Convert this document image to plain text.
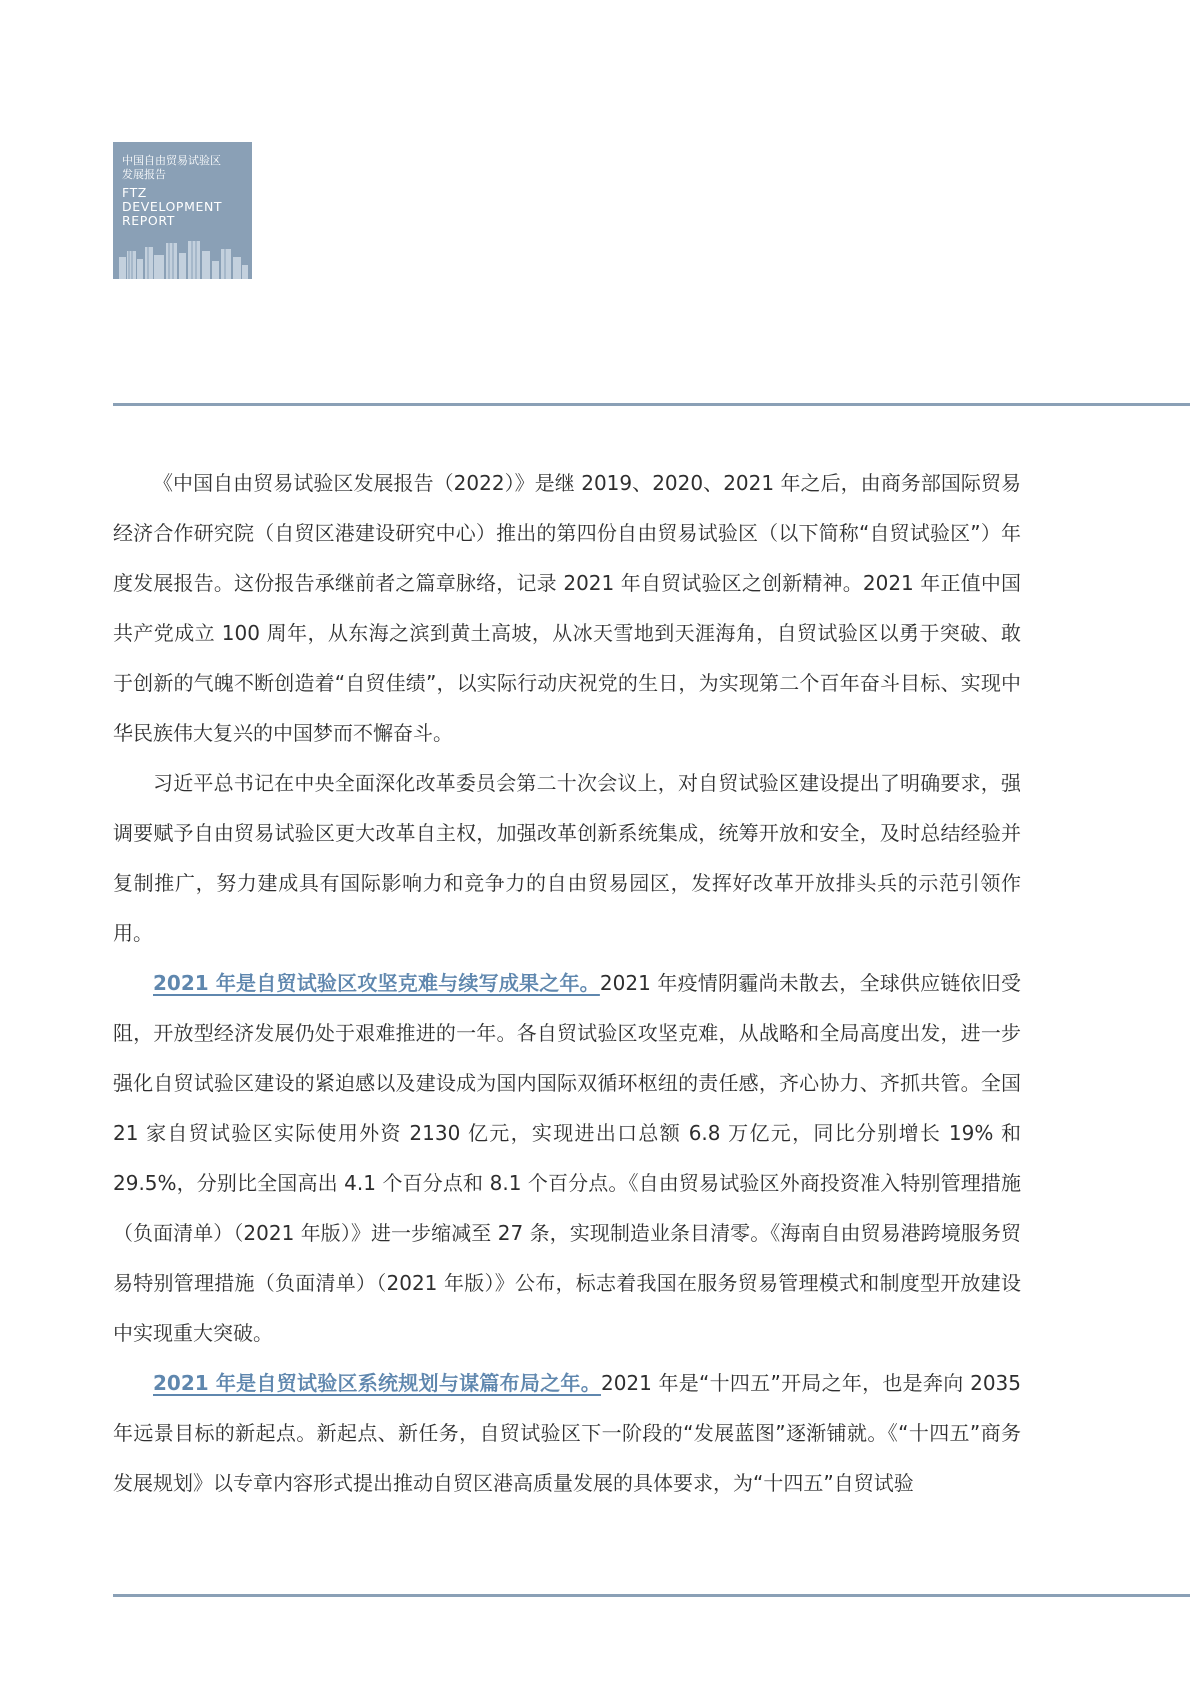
中国自由贸易试验区
发展报告
FTZ
DEVELOPMENT
REPORT

《中国自由贸易试验区发展报告（2022）》是继 2019、2020、2021 年之后，由商务部国际贸易经济合作研究院（自贸区港建设研究中心）推出的第四份自由贸易试验区（以下简称“自贸试验区”）年度发展报告。这份报告承继前者之篇章脉络，记录 2021 年自贸试验区之创新精神。2021 年正值中国共产党成立 100 周年，从东海之滨到黄土高坡，从冰天雪地到天涯海角，自贸试验区以勇于突破、敢于创新的气魄不断创造着“自贸佳绩”，以实际行动庆祝党的生日，为实现第二个百年奋斗目标、实现中华民族伟大复兴的中国梦而不懈奋斗。

习近平总书记在中央全面深化改革委员会第二十次会议上，对自贸试验区建设提出了明确要求，强调要赋予自由贸易试验区更大改革自主权，加强改革创新系统集成，统筹开放和安全，及时总结经验并复制推广，努力建成具有国际影响力和竞争力的自由贸易园区，发挥好改革开放排头兵的示范引领作用。

2021 年是自贸试验区攻坚克难与续写成果之年。2021 年疫情阴霾尚未散去，全球供应链依旧受阻，开放型经济发展仍处于艰难推进的一年。各自贸试验区攻坚克难，从战略和全局高度出发，进一步强化自贸试验区建设的紧迫感以及建设成为国内国际双循环枢纽的责任感，齐心协力、齐抓共管。全国 21 家自贸试验区实际使用外资 2130 亿元，实现进出口总额 6.8 万亿元，同比分别增长 19% 和 29.5%，分别比全国高出 4.1 个百分点和 8.1 个百分点。《自由贸易试验区外商投资准入特别管理措施（负面清单）（2021 年版）》进一步缩减至 27 条，实现制造业条目清零。《海南自由贸易港跨境服务贸易特别管理措施（负面清单）（2021 年版）》公布，标志着我国在服务贸易管理模式和制度型开放建设中实现重大突破。

2021 年是自贸试验区系统规划与谋篇布局之年。2021 年是“十四五”开局之年，也是奔向 2035 年远景目标的新起点。新起点、新任务，自贸试验区下一阶段的“发展蓝图”逐渐铺就。《“十四五”商务发展规划》以专章内容形式提出推动自贸区港高质量发展的具体要求，为“十四五”自贸试验
